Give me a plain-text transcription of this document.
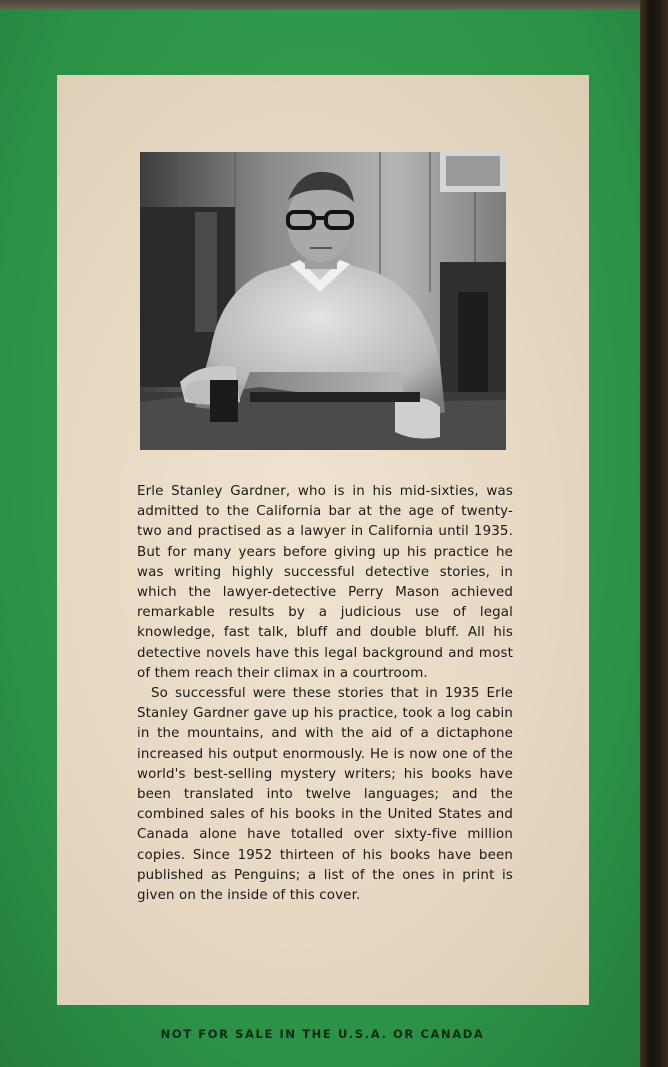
Erle Stanley Gardner, who is in his mid-sixties, was admitted to the California bar at the age of twenty-two and practised as a lawyer in California until 1935. But for many years before giving up his practice he was writing highly successful detective stories, in which the lawyer-detective Perry Mason achieved remarkable results by a judicious use of legal knowledge, fast talk, bluff and double bluff. All his detective novels have this legal background and most of them reach their climax in a courtroom.

So successful were these stories that in 1935 Erle Stanley Gardner gave up his practice, took a log cabin in the mountains, and with the aid of a dictaphone increased his output enormously. He is now one of the world's best-selling mystery writers; his books have been translated into twelve languages; and the combined sales of his books in the United States and Canada alone have totalled over sixty-five million copies. Since 1952 thirteen of his books have been published as Penguins; a list of the ones in print is given on the inside of this cover.

NOT FOR SALE IN THE U.S.A. OR CANADA
